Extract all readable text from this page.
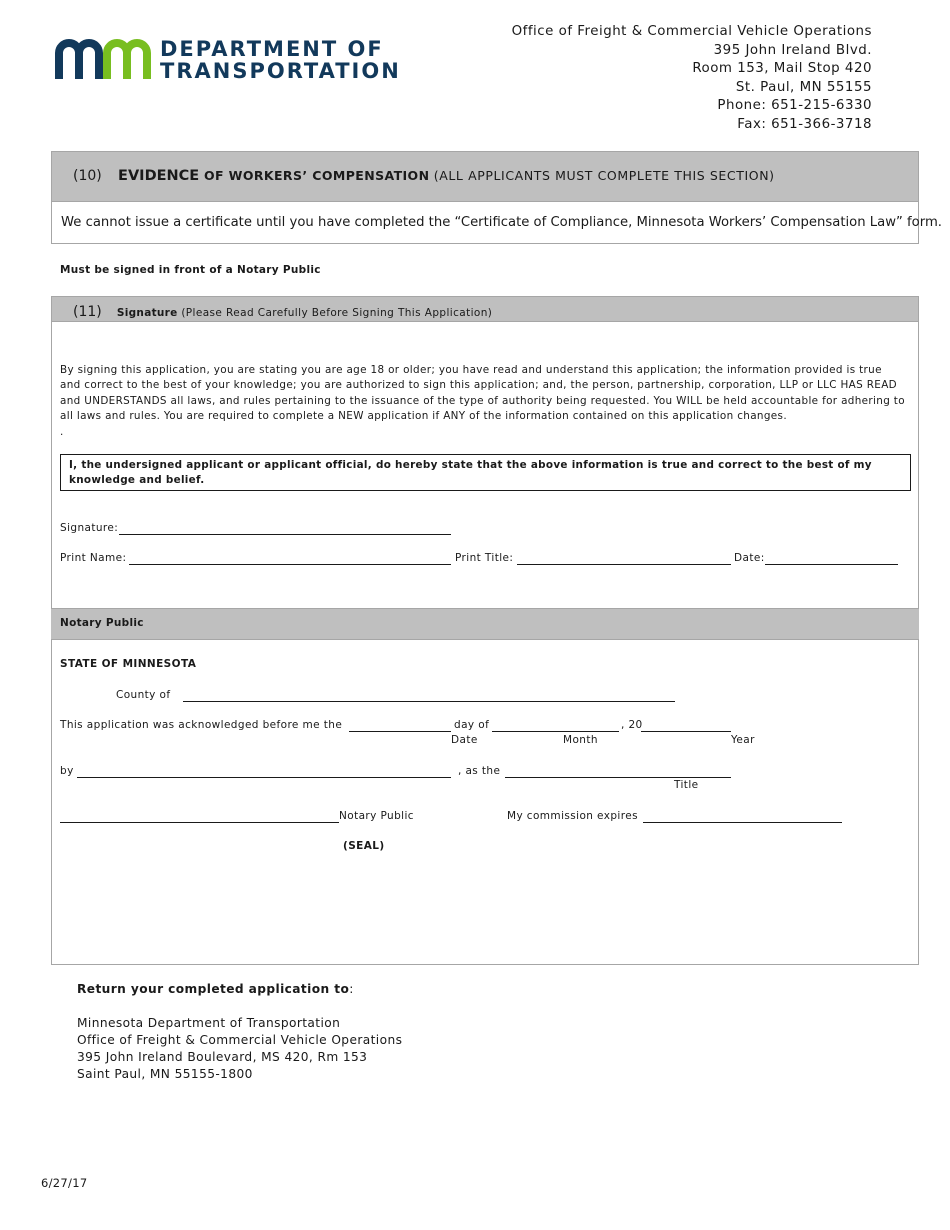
DEPARTMENT OF
TRANSPORTATION
Office of Freight & Commercial Vehicle Operations
395 John Ireland Blvd.
Room 153, Mail Stop 420
St. Paul, MN 55155
Phone: 651-215-6330
Fax: 651-366-3718
(10) EVIDENCE OF WORKERS’ COMPENSATION (ALL APPLICANTS MUST COMPLETE THIS SECTION)
We cannot issue a certificate until you have completed the “Certificate of Compliance, Minnesota Workers’ Compensation Law” form.
Must be signed in front of a Notary Public
(11) Signature (Please Read Carefully Before Signing This Application)
By signing this application, you are stating you are age 18 or older; you have read and understand this application; the information provided is true and correct to the best of your knowledge; you are authorized to sign this application; and, the person, partnership, corporation, LLP or LLC HAS READ and UNDERSTANDS all laws, and rules pertaining to the issuance of the type of authority being requested. You WILL be held accountable for adhering to all laws and rules. You are required to complete a NEW application if ANY of the information contained on this application changes.
.
I, the undersigned applicant or applicant official, do hereby state that the above information is true and correct to the best of my knowledge and belief.
Signature:
Print Name:	Print Title:	Date:
Notary Public
STATE OF MINNESOTA
County of
This application was acknowledged before me the	day of	, 20
Date	Month	Year
by	, as the
Title
Notary Public	My commission expires
(SEAL)
Return your completed application to:
Minnesota Department of Transportation
Office of Freight & Commercial Vehicle Operations
395 John Ireland Boulevard, MS 420, Rm 153
Saint Paul, MN 55155-1800
6/27/17
